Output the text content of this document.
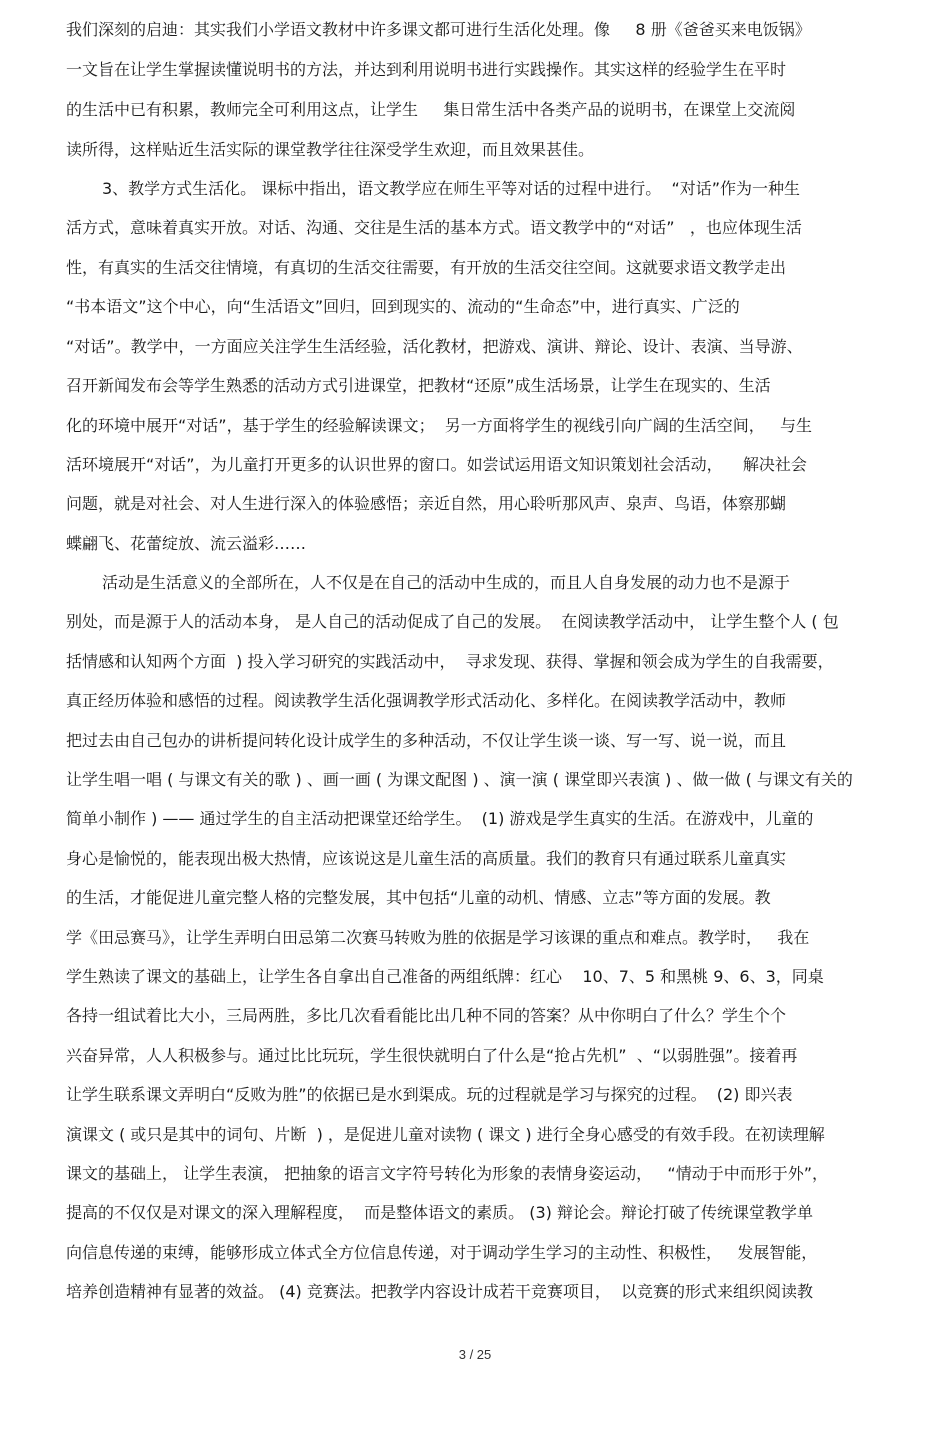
我们深刻的启迪：其实我们小学语文教材中许多课文都可进行生活化处理。像     8 册《爸爸买来电饭锅》
一文旨在让学生掌握读懂说明书的方法，并达到利用说明书进行实践操作。其实这样的经验学生在平时
的生活中已有积累，教师完全可利用这点，让学生     集日常生活中各类产品的说明书，在课堂上交流阅
读所得，这样贴近生活实际的课堂教学往往深受学生欢迎，而且效果甚佳。
3、教学方式生活化。 课标中指出，语文教学应在师生平等对话的过程中进行。  “对话”作为一种生
活方式，意味着真实开放。对话、沟通、交往是生活的基本方式。语文教学中的“对话”   ，也应体现生活
性，有真实的生活交往情境，有真切的生活交往需要，有开放的生活交往空间。这就要求语文教学走出
“书本语文”这个中心，向“生活语文”回归，回到现实的、流动的“生命态”中，进行真实、广泛的
“对话”。教学中，一方面应关注学生生活经验，活化教材，把游戏、演讲、辩论、设计、表演、当导游、
召开新闻发布会等学生熟悉的活动方式引进课堂，把教材“还原”成生活场景，让学生在现实的、生活
化的环境中展开“对话”，基于学生的经验解读课文；  另一方面将学生的视线引向广阔的生活空间，   与生
活环境展开“对话”，为儿童打开更多的认识世界的窗口。如尝试运用语文知识策划社会活动，    解决社会
问题，就是对社会、对人生进行深入的体验感悟；亲近自然，用心聆听那风声、泉声、鸟语，体察那蝴
蝶翩飞、花蕾绽放、流云溢彩……
活动是生活意义的全部所在，人不仅是在自己的活动中生成的，而且人自身发展的动力也不是源于
别处，而是源于人的活动本身， 是人自己的活动促成了自己的发展。  在阅读教学活动中， 让学生整个人 ( 包
括情感和认知两个方面  ) 投入学习研究的实践活动中，  寻求发现、获得、掌握和领会成为学生的自我需要，
真正经历体验和感悟的过程。阅读教学生活化强调教学形式活动化、多样化。在阅读教学活动中，教师
把过去由自己包办的讲析提问转化设计成学生的多种活动，不仅让学生谈一谈、写一写、说一说，而且
让学生唱一唱 ( 与课文有关的歌 ) 、画一画 ( 为课文配图 ) 、演一演 ( 课堂即兴表演 ) 、做一做 ( 与课文有关的
简单小制作 ) —— 通过学生的自主活动把课堂还给学生。  (1) 游戏是学生真实的生活。在游戏中，儿童的
身心是愉悦的，能表现出极大热情，应该说这是儿童生活的高质量。我们的教育只有通过联系儿童真实
的生活，才能促进儿童完整人格的完整发展，其中包括“儿童的动机、情感、立志”等方面的发展。教
学《田忌赛马》，让学生弄明白田忌第二次赛马转败为胜的依据是学习该课的重点和难点。教学时，   我在
学生熟读了课文的基础上，让学生各自拿出自己准备的两组纸牌：红心    10、7、5 和黑桃 9、6、3，同桌
各持一组试着比大小，三局两胜，多比几次看看能比出几种不同的答案？从中你明白了什么？学生个个
兴奋异常，人人积极参与。通过比比玩玩，学生很快就明白了什么是“抢占先机”  、“以弱胜强”。接着再
让学生联系课文弄明白“反败为胜”的依据已是水到渠成。玩的过程就是学习与探究的过程。  (2) 即兴表
演课文 ( 或只是其中的词句、片断  ) ，是促进儿童对读物 ( 课文 ) 进行全身心感受的有效手段。在初读理解
课文的基础上， 让学生表演， 把抽象的语言文字符号转化为形象的表情身姿运动，   “情动于中而形于外”，
提高的不仅仅是对课文的深入理解程度，  而是整体语文的素质。 (3) 辩论会。辩论打破了传统课堂教学单
向信息传递的束缚，能够形成立体式全方位信息传递，对于调动学生学习的主动性、积极性，   发展智能，
培养创造精神有显著的效益。 (4) 竞赛法。把教学内容设计成若干竞赛项目，  以竞赛的形式来组织阅读教
3 / 25
